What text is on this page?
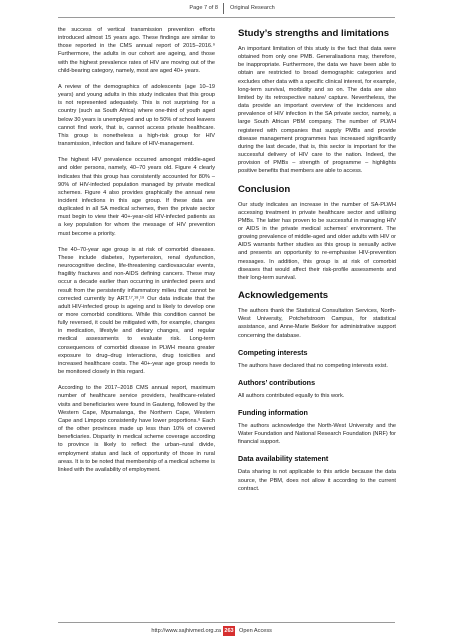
Page 7 of 8 Original Research

the success of vertical transmission prevention efforts introduced almost 15 years ago. These findings are similar to those reported in the CMS annual report of 2015–2016.⁹ Furthermore, the adults in our cohort are ageing, and those with the highest prevalence rates of HIV are moving out of the child-bearing category, namely, most are aged 40+ years.

A review of the demographics of adolescents (age 10–19 years) and young adults in this study indicates that this group is not represented adequately. This is not surprising for a country (such as South Africa) where one-third of youth aged below 30 years is unemployed and up to 50% of school leavers cannot find work, that is, cannot access private healthcare. This group is nonetheless a high-risk group for HIV transmission, infection and failure of HIV-management.

The highest HIV prevalence occurred amongst middle-aged and older persons, namely, 40–70 years old. Figure 4 clearly indicates that this group has consistently accounted for 80% – 90% of HIV-infected population managed by private medical schemes. Figure 4 also provides graphically the annual new incident infections in this age group. If these data are duplicated in all SA medical schemes, then the private sector must begin to view their 40+-year-old HIV-infected patients as a key population for whom the message of HIV prevention must become a priority.

The 40–70-year age group is at risk of comorbid diseases. These include diabetes, hypertension, renal dysfunction, neurocognitive decline, life-threatening cardiovascular events, fragility fractures and non-AIDS defining cancers. These may occur a decade earlier than occurring in uninfected peers and result from the persistently inflammatory milieu that cannot be corrected currently by ART.¹⁷,¹⁸,¹⁹ Our data indicate that the adult HIV-infected group is ageing and is likely to develop one or more comorbid conditions. While this condition cannot be fully reversed, it could be mitigated with, for example, changes in medication, lifestyle and dietary changes, and regular medical assessments to evaluate risk. Long-term consequences of comorbid disease in PLWH means greater exposure to drug–drug interactions, drug toxicities and increased healthcare costs. The 40+-year age group needs to be monitored closely in this regard.

According to the 2017–2018 CMS annual report, maximum number of healthcare service providers, healthcare-related visits and beneficiaries were found in Gauteng, followed by the Western Cape, Mpumalanga, the Northern Cape, Western Cape and Limpopo consistently have lower proportions.⁹ Each of the other provinces made up less than 10% of covered beneficiaries. Disparity in medical scheme coverage according to province is likely to reflect the urban–rural divide, employment status and lack of opportunity of those in rural areas. It is to be noted that membership of a medical scheme is linked with the availability of employment.

Study’s strengths and limitations

An important limitation of this study is the fact that data were obtained from only one PMB. Generalisations may, therefore, be inappropriate. Furthermore, the data we have been able to obtain are restricted to broad demographic categories and excludes other data with a specific clinical interest, for example, long-term survival, morbidity and so on. The data are also limited by its retrospective nature/ capture. Nevertheless, the data provide an important overview of the incidences and prevalence of HIV infection in the SA private sector, namely, a large South African PBM company. The number of PLWH registered with companies that supply PMBs and provide disease management programmes has increased significantly during the last decade, that is, this sector is important for the successful delivery of HIV care to the nation. Indeed, the provision of PMBs – strength of programme – highlights positive benefits that members are able to access.

Conclusion

Our study indicates an increase in the number of SA-PLWH accessing treatment in private healthcare sector and utilising PMBs. The latter has proven to be successful in managing HIV or AIDS in the private medical schemes’ environment. The growing prevalence of middle-aged and older adults with HIV or AIDS warrants further studies as this group is sexually active and presents an opportunity to re-emphasise HIV-prevention messages. In addition, this group is at risk of comorbid diseases that would affect their risk-profile assessments and their long-term survival.

Acknowledgements

The authors thank the Statistical Consultation Services, North-West University, Potchefstroom Campus, for statistical assistance, and Anne-Marie Bekker for administrative support concerning the database.

Competing interests

The authors have declared that no competing interests exist.

Authors’ contributions

All authors contributed equally to this work.

Funding information

The authors acknowledge the North-West University and the Water Foundation and National Research Foundation (NRF) for financial support.

Data availability statement

Data sharing is not applicable to this article because the data source, the PBM, does not allow it according to the current contract.

http://www.sajhivmed.org.za 263 Open Access
